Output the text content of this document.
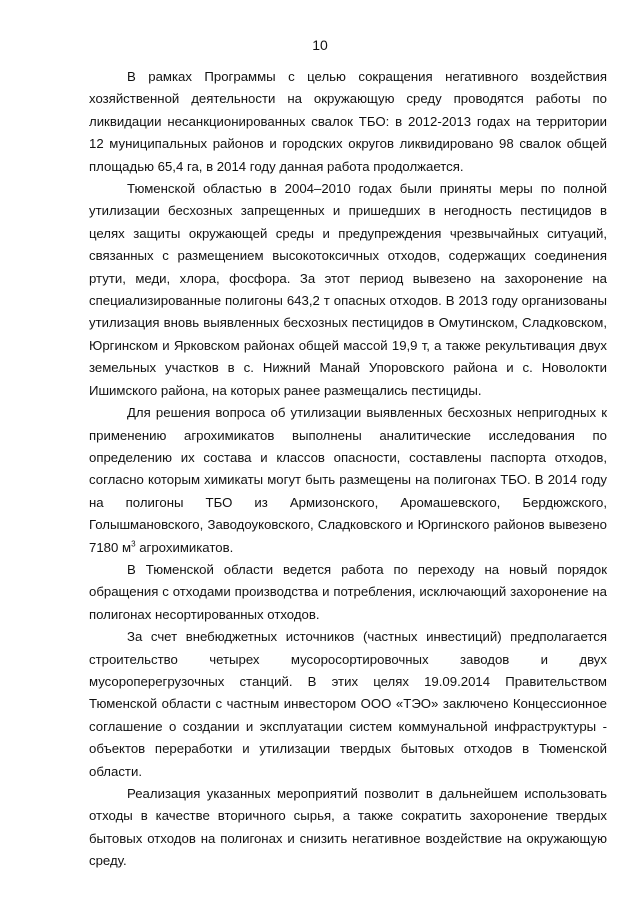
10

В рамках Программы с целью сокращения негативного воздействия хозяйственной деятельности на окружающую среду проводятся работы по ликвидации несанкционированных свалок ТБО: в 2012-2013 годах на территории 12 муниципальных районов и городских округов ликвидировано 98 свалок общей площадью 65,4 га, в 2014 году данная работа продолжается.

Тюменской областью в 2004–2010 годах были приняты меры по полной утилизации бесхозных запрещенных и пришедших в негодность пестицидов в целях защиты окружающей среды и предупреждения чрезвычайных ситуаций, связанных с размещением высокотоксичных отходов, содержащих соединения ртути, меди, хлора, фосфора. За этот период вывезено на захоронение на специализированные полигоны 643,2 т опасных отходов. В 2013 году организованы утилизация вновь выявленных бесхозных пестицидов в Омутинском, Сладковском, Юргинском и Ярковском районах общей массой 19,9 т, а также рекультивация двух земельных участков в с. Нижний Манай Упоровского района и с. Новолокти Ишимского района, на которых ранее размещались пестициды.

Для решения вопроса об утилизации выявленных бесхозных непригодных к применению агрохимикатов выполнены аналитические исследования по определению их состава и классов опасности, составлены паспорта отходов, согласно которым химикаты могут быть размещены на полигонах ТБО. В 2014 году на полигоны ТБО из Армизонского, Аромашевского, Бердюжского, Голышмановского, Заводоуковского, Сладковского и Юргинского районов вывезено 7180 $м^3$ агрохимикатов.

В Тюменской области ведется работа по переходу на новый порядок обращения с отходами производства и потребления, исключающий захоронение на полигонах несортированных отходов.

За счет внебюджетных источников (частных инвестиций) предполагается строительство четырех мусоросортировочных заводов и двух мусороперегрузочных станций. В этих целях 19.09.2014 Правительством Тюменской области с частным инвестором ООО «ТЭО» заключено Концессионное соглашение о создании и эксплуатации систем коммунальной инфраструктуры - объектов переработки и утилизации твердых бытовых отходов в Тюменской области.

Реализация указанных мероприятий позволит в дальнейшем использовать отходы в качестве вторичного сырья, а также сократить захоронение твердых бытовых отходов на полигонах и снизить негативное воздействие на окружающую среду.
